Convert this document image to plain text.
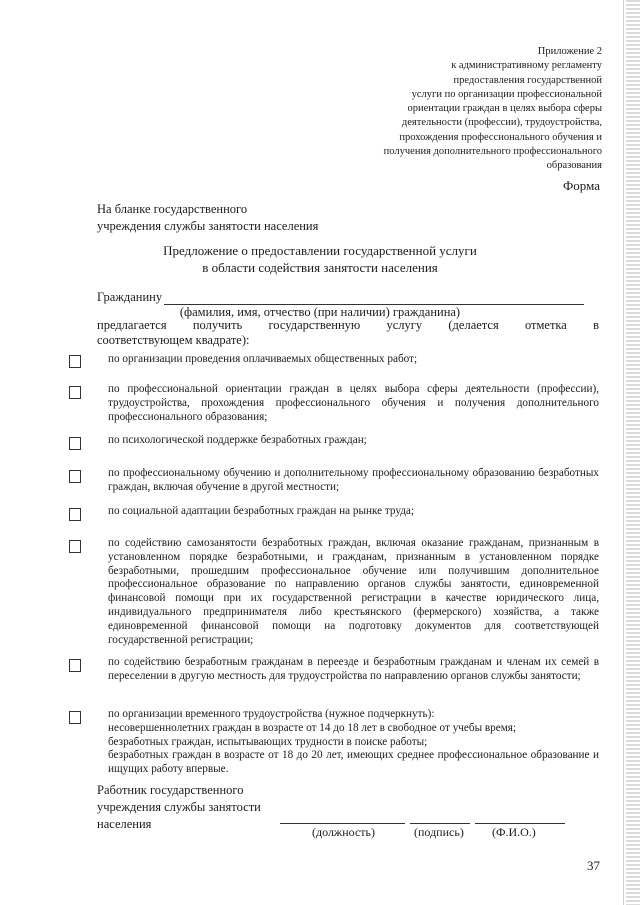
Приложение 2
к административному регламенту
предоставления государственной
услуги по организации профессиональной
ориентации граждан в целях выбора сферы
деятельности (профессии), трудоустройства,
прохождения профессионального обучения и
получения дополнительного профессионального
образования
Форма
На бланке государственного
учреждения службы занятости населения
Предложение о предоставлении государственной услуги
в области содействия занятости населения
Гражданину
(фамилия, имя, отчество (при наличии) гражданина)
предлагается получить государственную услугу (делается отметка в
соответствующем квадрате):
по организации проведения оплачиваемых общественных работ;
по профессиональной ориентации граждан в целях выбора сферы деятельности (профессии), трудоустройства, прохождения профессионального обучения и получения дополнительного профессионального образования;
по психологической поддержке безработных граждан;
по профессиональному обучению и дополнительному профессиональному образованию безработных граждан, включая обучение в другой местности;
по социальной адаптации безработных граждан на рынке труда;
по содействию самозанятости безработных граждан, включая оказание гражданам, признанным в установленном порядке безработными, и гражданам, признанным в установленном порядке безработными, прошедшим профессиональное обучение или получившим дополнительное профессиональное образование по направлению органов службы занятости, единовременной финансовой помощи при их государственной регистрации в качестве юридического лица, индивидуального предпринимателя либо крестьянского (фермерского) хозяйства, а также единовременной финансовой помощи на подготовку документов для соответствующей государственной регистрации;
по содействию безработным гражданам в переезде и безработным гражданам и членам их семей в переселении в другую местность для трудоустройства по направлению органов службы занятости;
по организации временного трудоустройства (нужное подчеркнуть):
несовершеннолетних граждан в возрасте от 14 до 18 лет в свободное от учебы время;
безработных граждан, испытывающих трудности в поиске работы;
безработных граждан в возрасте от 18 до 20 лет, имеющих среднее профессиональное образование и ищущих работу впервые.
Работник государственного
учреждения службы занятости
населения
(должность)	(подпись) (Ф.И.О.)
37
